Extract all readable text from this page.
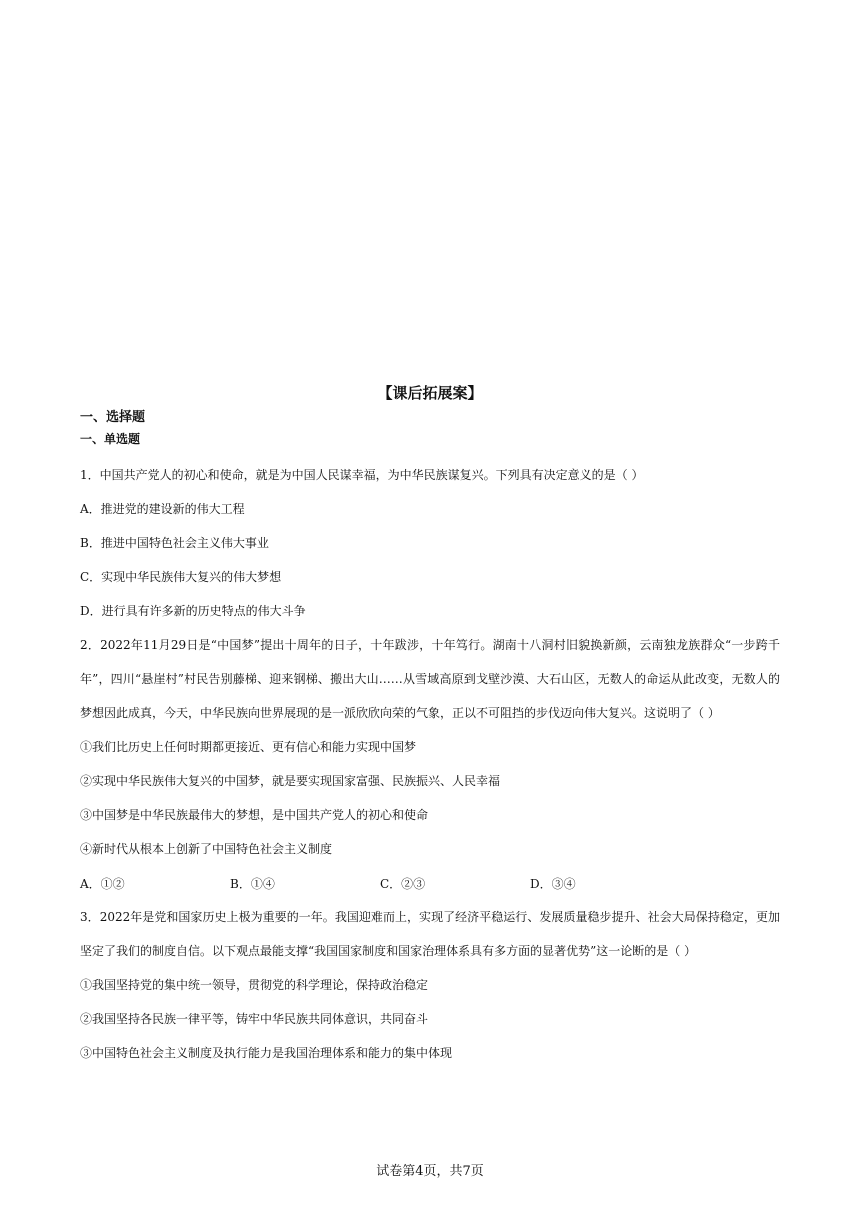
【课后拓展案】
一、选择题
一、单选题

1．中国共产党人的初心和使命，就是为中国人民谋幸福，为中华民族谋复兴。下列具有决定意义的是（ ）

A．推进党的建设新的伟大工程

B．推进中国特色社会主义伟大事业

C．实现中华民族伟大复兴的伟大梦想

D．进行具有许多新的历史特点的伟大斗争

2．2022年11月29日是“中国梦”提出十周年的日子，十年跋涉，十年笃行。湖南十八洞村旧貌换新颜，云南独龙族群众“一步跨千年”，四川“悬崖村”村民告别藤梯、迎来钢梯、搬出大山……从雪域高原到戈壁沙漠、大石山区，无数人的命运从此改变，无数人的梦想因此成真，今天，中华民族向世界展现的是一派欣欣向荣的气象，正以不可阻挡的步伐迈向伟大复兴。这说明了（ ）

①我们比历史上任何时期都更接近、更有信心和能力实现中国梦

②实现中华民族伟大复兴的中国梦，就是要实现国家富强、民族振兴、人民幸福

③中国梦是中华民族最伟大的梦想，是中国共产党人的初心和使命

④新时代从根本上创新了中国特色社会主义制度

A．①②	B．①④	C．②③	D．③④

3．2022年是党和国家历史上极为重要的一年。我国迎难而上，实现了经济平稳运行、发展质量稳步提升、社会大局保持稳定，更加坚定了我们的制度自信。以下观点最能支撑“我国国家制度和国家治理体系具有多方面的显著优势”这一论断的是（ ）

①我国坚持党的集中统一领导，贯彻党的科学理论，保持政治稳定

②我国坚持各民族一律平等，铸牢中华民族共同体意识，共同奋斗

③中国特色社会主义制度及执行能力是我国治理体系和能力的集中体现

试卷第4页，共7页
